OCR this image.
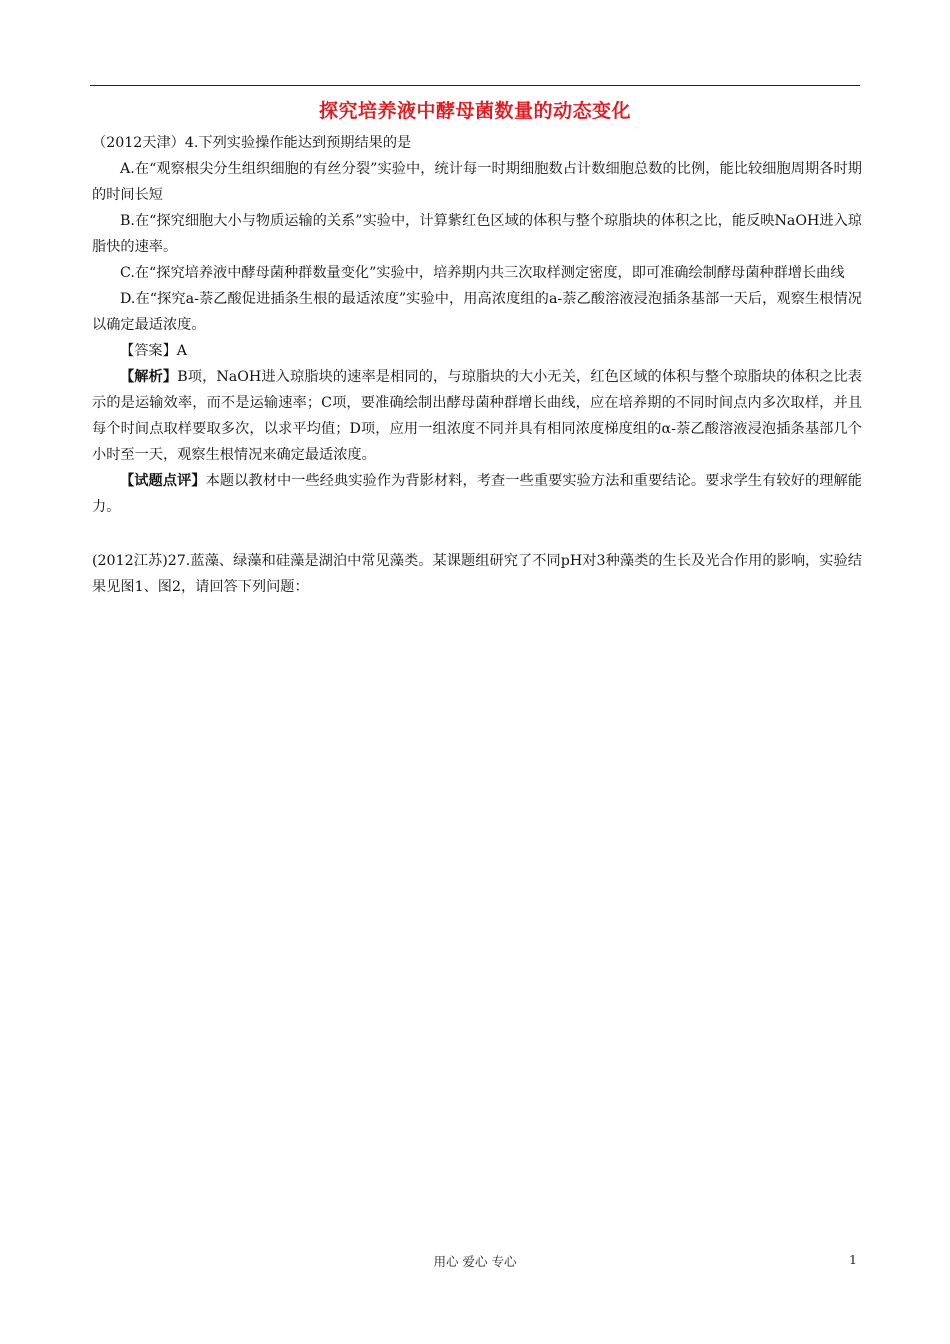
探究培养液中酵母菌数量的动态变化

（2012天津）4.下列实验操作能达到预期结果的是

A.在“观察根尖分生组织细胞的有丝分裂”实验中，统计每一时期细胞数占计数细胞总数的比例，能比较细胞周期各时期的时间长短

B.在“探究细胞大小与物质运输的关系”实验中，计算紫红色区域的体积与整个琼脂块的体积之比，能反映NaOH进入琼脂快的速率。

C.在“探究培养液中酵母菌种群数量变化”实验中，培养期内共三次取样测定密度，即可准确绘制酵母菌种群增长曲线

D.在“探究a-萘乙酸促进插条生根的最适浓度”实验中，用高浓度组的a-萘乙酸溶液浸泡插条基部一天后，观察生根情况以确定最适浓度。

【答案】A

【解析】B项，NaOH进入琼脂块的速率是相同的，与琼脂块的大小无关，红色区域的体积与整个琼脂块的体积之比表示的是运输效率，而不是运输速率；C项，要准确绘制出酵母菌种群增长曲线，应在培养期的不同时间点内多次取样，并且每个时间点取样要取多次，以求平均值；D项，应用一组浓度不同并具有相同浓度梯度组的α-萘乙酸溶液浸泡插条基部几个小时至一天，观察生根情况来确定最适浓度。

【试题点评】本题以教材中一些经典实验作为背影材料，考查一些重要实验方法和重要结论。要求学生有较好的理解能力。

(2012江苏)27.蓝藻、绿藻和硅藻是湖泊中常见藻类。某课题组研究了不同pH对3种藻类的生长及光合作用的影响，实验结果见图1、图2，请回答下列问题：

用心 爱心 专心	1
